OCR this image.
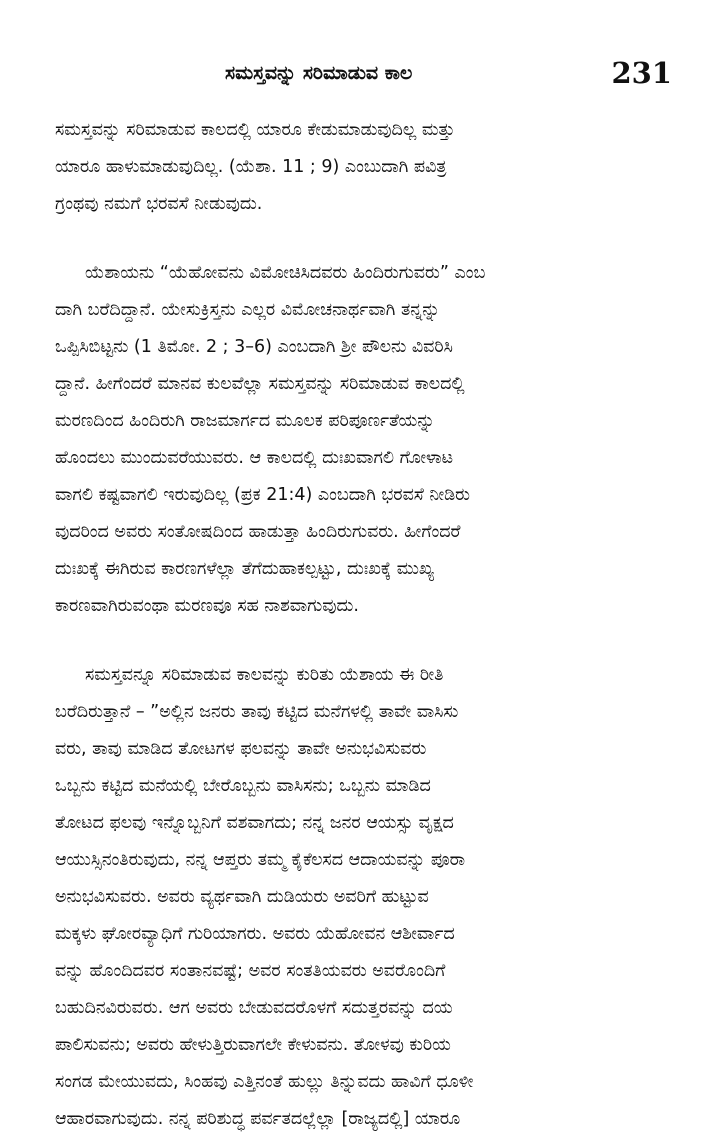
ಸಮಸ್ತವನ್ನು ಸರಿಮಾಡುವ ಕಾಲ	231

ಸಮಸ್ತವನ್ನು ಸರಿಮಾಡುವ ಕಾಲದಲ್ಲಿ ಯಾರೂ ಕೇಡುಮಾಡುವುದಿಲ್ಲ ಮತ್ತು
ಯಾರೂ ಹಾಳುಮಾಡುವುದಿಲ್ಲ. (ಯೆಶಾ. 11 ; 9) ಎಂಬುದಾಗಿ ಪವಿತ್ರ
ಗ್ರಂಥವು ನಮಗೆ ಭರವಸೆ ನೀಡುವುದು.

ಯೆಶಾಯನು “ಯೆಹೋವನು ವಿಮೋಚಿಸಿದವರು ಹಿಂದಿರುಗುವರು” ಎಂಬ
ದಾಗಿ ಬರೆದಿದ್ದಾನೆ. ಯೇಸುಕ್ರಿಸ್ತನು ಎಲ್ಲರ ವಿಮೋಚನಾರ್ಥವಾಗಿ ತನ್ನನ್ನು
ಒಪ್ಪಿಸಿಬಿಟ್ಟನು (1 ತಿಮೋ. 2 ; 3–6) ಎಂಬದಾಗಿ ಶ್ರೀ ಪೌಲನು ವಿವರಿಸಿ
ದ್ದಾನೆ. ಹೀಗೆಂದರೆ ಮಾನವ ಕುಲವೆಲ್ಲಾ ಸಮಸ್ತವನ್ನು ಸರಿಮಾಡುವ ಕಾಲದಲ್ಲಿ
ಮರಣದಿಂದ ಹಿಂದಿರುಗಿ ರಾಜಮಾರ್ಗದ ಮೂಲಕ ಪರಿಪೂರ್ಣತೆಯನ್ನು
ಹೊಂದಲು ಮುಂದುವರೆಯುವರು. ಆ ಕಾಲದಲ್ಲಿ ದುಃಖವಾಗಲಿ ಗೋಳಾಟ
ವಾಗಲಿ ಕಷ್ಟವಾಗಲಿ ಇರುವುದಿಲ್ಲ (ಪ್ರಕ 21:4) ಎಂಬದಾಗಿ ಭರವಸೆ ನೀಡಿರು
ವುದರಿಂದ ಅವರು ಸಂತೋಷದಿಂದ ಹಾಡುತ್ತಾ ಹಿಂದಿರುಗುವರು. ಹೀಗೆಂದರೆ
ದುಃಖಕ್ಕೆ ಈಗಿರುವ ಕಾರಣಗಳೆಲ್ಲಾ ತೆಗೆದುಹಾಕಲ್ಪಟ್ಟು, ದುಃಖಕ್ಕೆ ಮುಖ್ಯ
ಕಾರಣವಾಗಿರುವಂಥಾ ಮರಣವೂ ಸಹ ನಾಶವಾಗುವುದು.

ಸಮಸ್ತವನ್ನೂ ಸರಿಮಾಡುವ ಕಾಲವನ್ನು ಕುರಿತು ಯೆಶಾಯ ಈ ರೀತಿ
ಬರೆದಿರುತ್ತಾನೆ – ”ಅಲ್ಲಿನ ಜನರು ತಾವು ಕಟ್ಟಿದ ಮನೆಗಳಲ್ಲಿ ತಾವೇ ವಾಸಿಸು
ವರು, ತಾವು ಮಾಡಿದ ತೋಟಗಳ ಫಲವನ್ನು ತಾವೇ ಅನುಭವಿಸುವರು
ಒಬ್ಬನು ಕಟ್ಟಿದ ಮನೆಯಲ್ಲಿ ಬೇರೊಬ್ಬನು ವಾಸಿಸನು; ಒಬ್ಬನು ಮಾಡಿದ
ತೋಟದ ಫಲವು ಇನ್ನೊಬ್ಬನಿಗೆ ವಶವಾಗದು; ನನ್ನ ಜನರ ಆಯಸ್ಸು ವೃಕ್ಷದ
ಆಯುಸ್ಸಿನಂತಿರುವುದು, ನನ್ನ ಆಪ್ತರು ತಮ್ಮ ಕೈಕೆಲಸದ ಆದಾಯವನ್ನು ಪೂರಾ
ಅನುಭವಿಸುವರು. ಅವರು ವ್ಯರ್ಥವಾಗಿ ದುಡಿಯರು ಅವರಿಗೆ ಹುಟ್ಟುವ
ಮಕ್ಕಳು ಘೋರವ್ಯಾಧಿಗೆ ಗುರಿಯಾಗರು. ಅವರು ಯೆಹೋವನ ಆಶೀರ್ವಾದ
ವನ್ನು ಹೊಂದಿದವರ ಸಂತಾನವಷ್ಟೆ; ಅವರ ಸಂತತಿಯವರು ಅವರೊಂದಿಗೆ
ಬಹುದಿನವಿರುವರು. ಆಗ ಅವರು ಬೇಡುವದರೊಳಗೆ ಸದುತ್ತರವನ್ನು ದಯ
ಪಾಲಿಸುವನು; ಅವರು ಹೇಳುತ್ತಿರುವಾಗಲೇ ಕೇಳುವನು. ತೋಳವು ಕುರಿಯ
ಸಂಗಡ ಮೇಯುವದು, ಸಿಂಹವು ಎತ್ತಿನಂತೆ ಹುಲ್ಲು ತಿನ್ನುವದು ಹಾವಿಗೆ ಧೂಳೀ
ಆಹಾರವಾಗುವುದು. ನನ್ನ ಪರಿಶುದ್ಧ ಪರ್ವತದಲ್ಲೆಲ್ಲಾ [ರಾಜ್ಯದಲ್ಲಿ] ಯಾರೂ
